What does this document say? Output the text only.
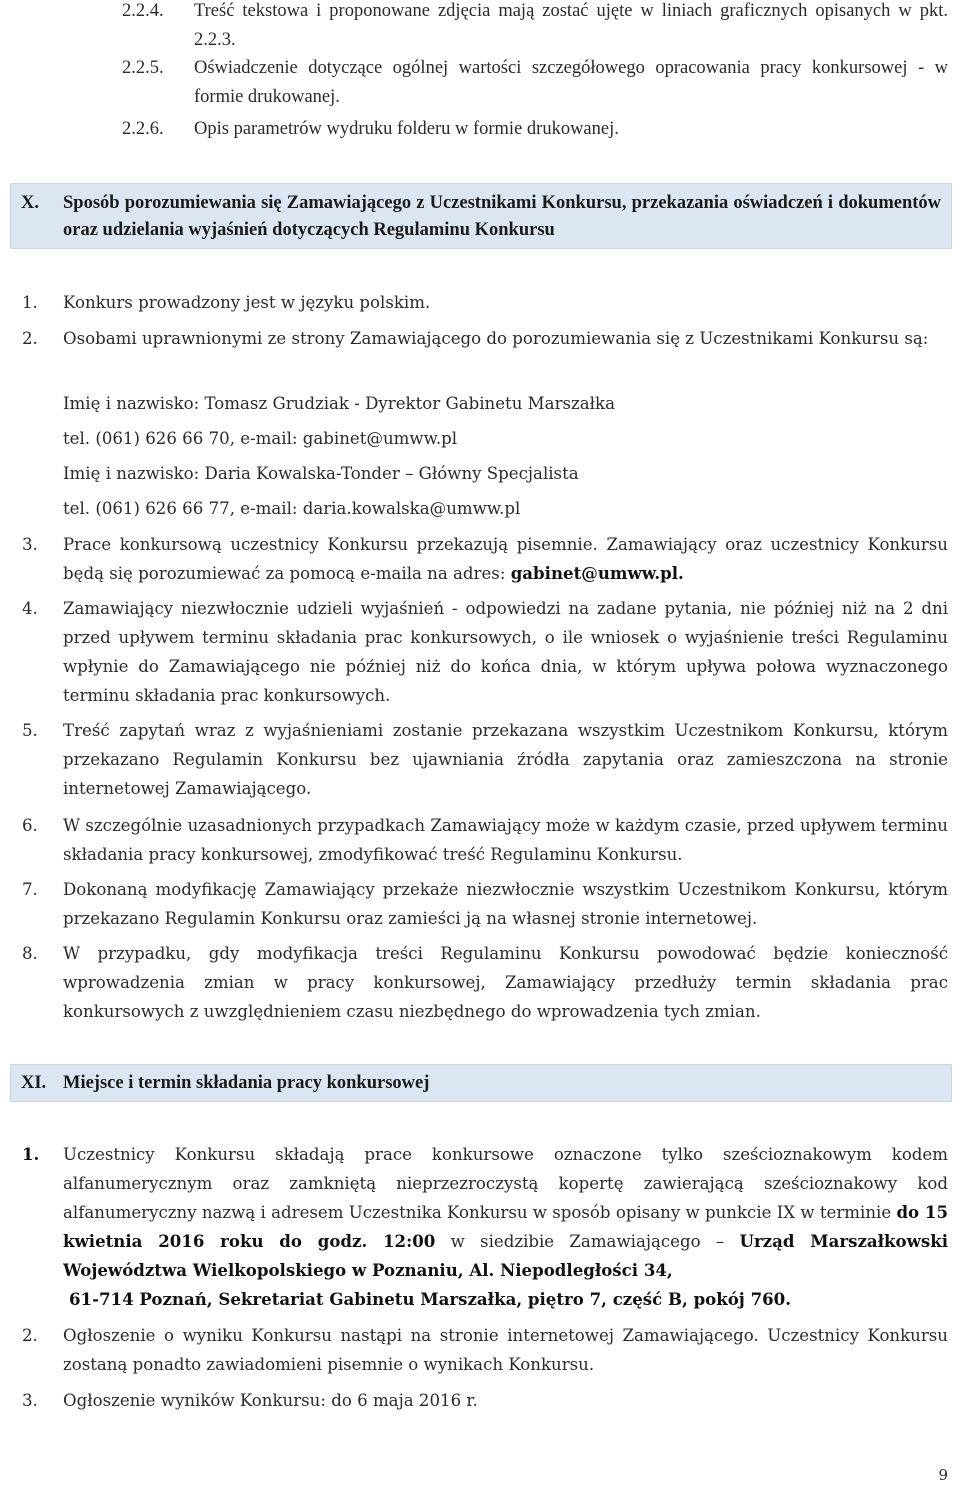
2.2.4. Treść tekstowa i proponowane zdjęcia mają zostać ujęte w liniach graficznych opisanych w pkt. 2.2.3.
2.2.5. Oświadczenie dotyczące ogólnej wartości szczegółowego opracowania pracy konkursowej - w formie drukowanej.
2.2.6. Opis parametrów wydruku folderu w formie drukowanej.
X. Sposób porozumiewania się Zamawiającego z Uczestnikami Konkursu, przekazania oświadczeń i dokumentów oraz udzielania wyjaśnień dotyczących Regulaminu Konkursu
1. Konkurs prowadzony jest w języku polskim.
2. Osobami uprawnionymi ze strony Zamawiającego do porozumiewania się z Uczestnikami Konkursu są:
Imię i nazwisko: Tomasz Grudziak - Dyrektor Gabinetu Marszałka
tel. (061) 626 66 70, e-mail: gabinet@umww.pl
Imię i nazwisko: Daria Kowalska-Tonder – Główny Specjalista
tel. (061) 626 66 77, e-mail: daria.kowalska@umww.pl
3. Prace konkursową uczestnicy Konkursu przekazują pisemnie. Zamawiający oraz uczestnicy Konkursu będą się porozumiewać za pomocą e-maila na adres: gabinet@umww.pl.
4. Zamawiający niezwłocznie udzieli wyjaśnień - odpowiedzi na zadane pytania, nie później niż na 2 dni przed upływem terminu składania prac konkursowych, o ile wniosek o wyjaśnienie treści Regulaminu wpłynie do Zamawiającego nie później niż do końca dnia, w którym upływa połowa wyznaczonego terminu składania prac konkursowych.
5. Treść zapytań wraz z wyjaśnieniami zostanie przekazana wszystkim Uczestnikom Konkursu, którym przekazano Regulamin Konkursu bez ujawniania źródła zapytania oraz zamieszczona na stronie internetowej Zamawiającego.
6. W szczególnie uzasadnionych przypadkach Zamawiający może w każdym czasie, przed upływem terminu składania pracy konkursowej, zmodyfikować treść Regulaminu Konkursu.
7. Dokonaną modyfikację Zamawiający przekaże niezwłocznie wszystkim Uczestnikom Konkursu, którym przekazano Regulamin Konkursu oraz zamieści ją na własnej stronie internetowej.
8. W przypadku, gdy modyfikacja treści Regulaminu Konkursu powodować będzie konieczność wprowadzenia zmian w pracy konkursowej, Zamawiający przedłuży termin składania prac konkursowych z uwzględnieniem czasu niezbędnego do wprowadzenia tych zmian.
XI. Miejsce i termin składania pracy konkursowej
1. Uczestnicy Konkursu składają prace konkursowe oznaczone tylko sześcioznakowym kodem alfanumerycznym oraz zamkniętą nieprzezroczystą kopertę zawierającą sześcioznakowy kod alfanumeryczny nazwą i adresem Uczestnika Konkursu w sposób opisany w punkcie IX w terminie do 15 kwietnia 2016 roku do godz. 12:00 w siedzibie Zamawiającego – Urząd Marszałkowski Województwa Wielkopolskiego w Poznaniu, Al. Niepodległości 34,
61-714 Poznań, Sekretariat Gabinetu Marszałka, piętro 7, część B, pokój 760.
2. Ogłoszenie o wyniku Konkursu nastąpi na stronie internetowej Zamawiającego. Uczestnicy Konkursu zostaną ponadto zawiadomieni pisemnie o wynikach Konkursu.
3. Ogłoszenie wyników Konkursu: do 6 maja 2016 r.
9
